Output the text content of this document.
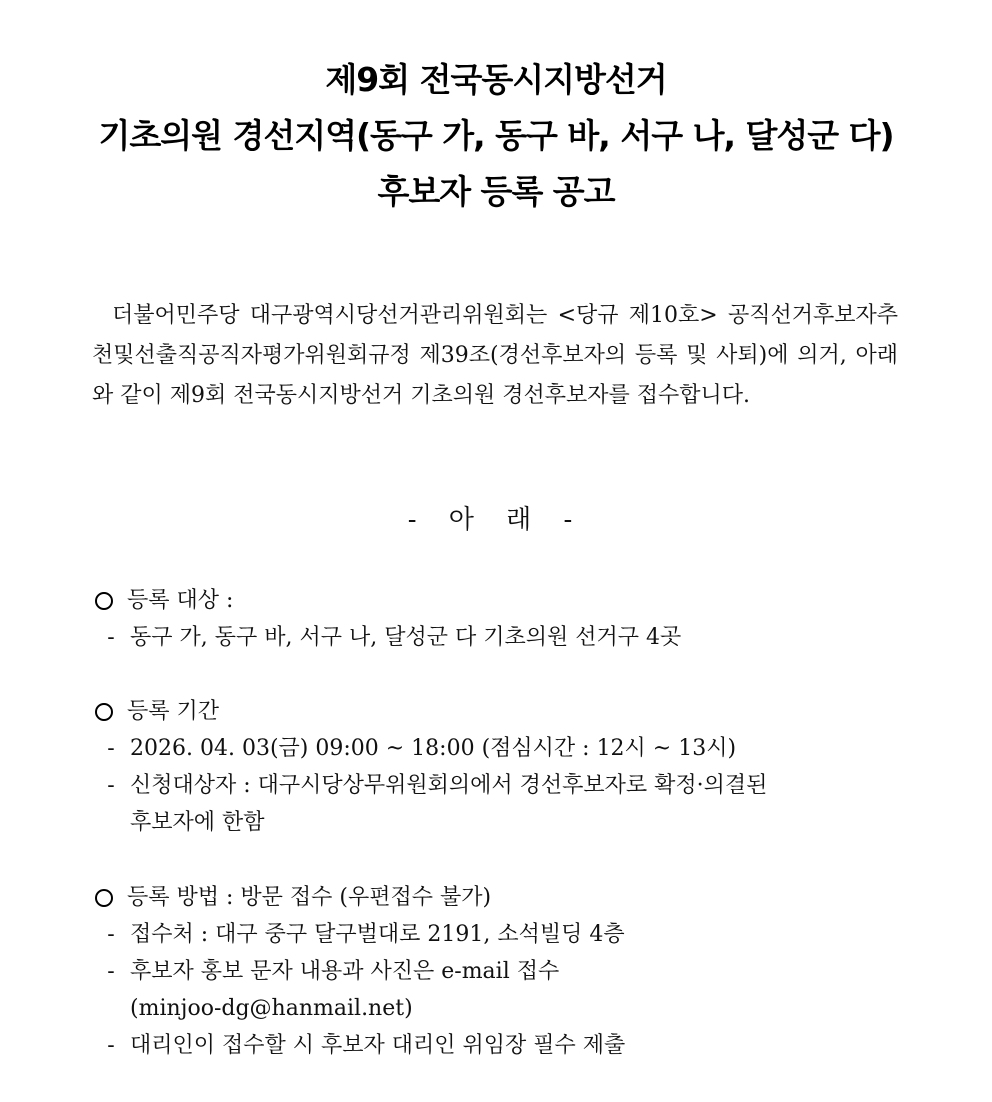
제9회 전국동시지방선거
기초의원 경선지역(동구 가, 동구 바, 서구 나, 달성군 다)
후보자 등록 공고

더불어민주당 대구광역시당선거관리위원회는 <당규 제10호> 공직선거후보자추천및선출직공직자평가위원회규정 제39조(경선후보자의 등록 및 사퇴)에 의거, 아래와 같이 제9회 전국동시지방선거 기초의원 경선후보자를 접수합니다.

- 아 래 -
등록 대상 :
- 동구 가, 동구 바, 서구 나, 달성군 다 기초의원 선거구 4곳
등록 기간
- 2026. 04. 03(금) 09:00 ~ 18:00 (점심시간 : 12시 ~ 13시)
- 신청대상자 : 대구시당상무위원회의에서 경선후보자로 확정·의결된
후보자에 한함
등록 방법 : 방문 접수 (우편접수 불가)
- 접수처 : 대구 중구 달구벌대로 2191, 소석빌딩 4층
- 후보자 홍보 문자 내용과 사진은 e-mail 접수
(minjoo-dg@hanmail.net)
- 대리인이 접수할 시 후보자 대리인 위임장 필수 제출
